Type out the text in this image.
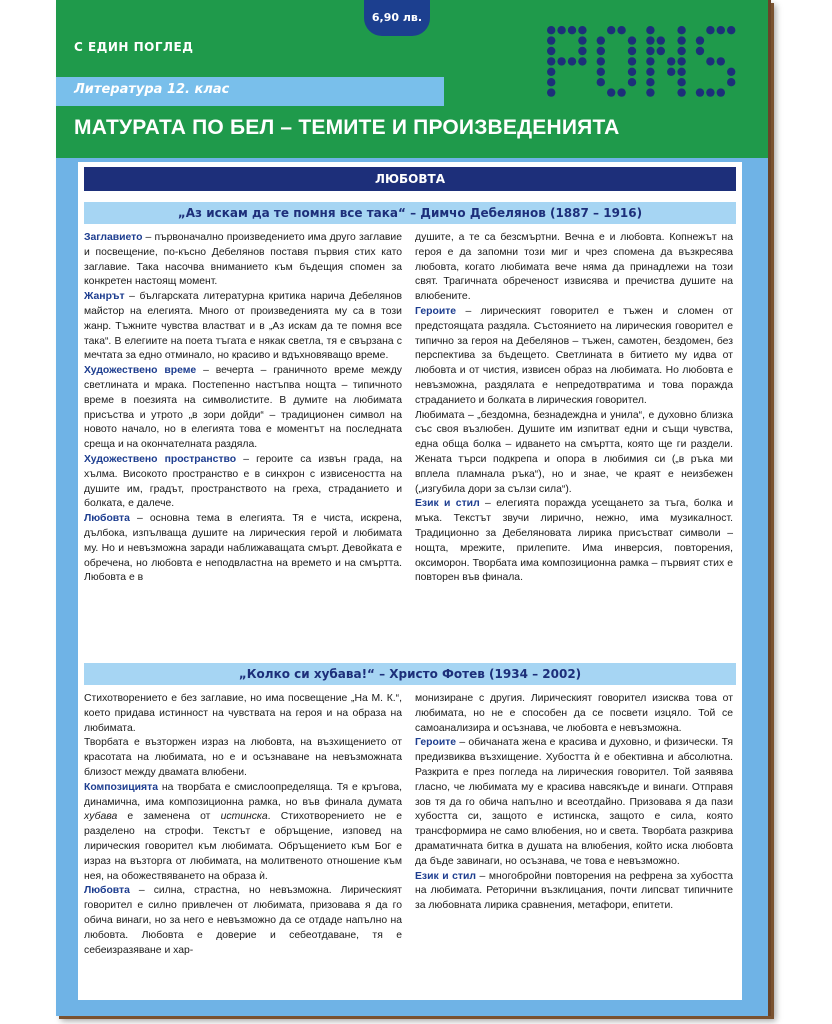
6,90 лв.
С ЕДИН ПОГЛЕД
Литература 12. клас
МАТУРАТА ПО БЕЛ – ТЕМИТЕ И ПРОИЗВЕДЕНИЯТА
ЛЮБОВТА
„Аз искам да те помня все така“ – Димчо Дебелянов (1887 – 1916)

Заглавието – първоначално произведението има друго заглавие и посвещение, по-късно Дебелянов поставя първия стих като заглавие. Така насочва вниманието към бъдещия спомен за конкретен настоящ момент.

Жанрът – българската литературна критика нарича Дебелянов майстор на елегията. Много от произведенията му са в този жанр. Тъжните чувства властват и в „Аз искам да те помня все така“. В елегиите на поета тъгата е някак светла, тя е свързана с мечтата за едно отминало, но красиво и вдъхновяващо време.

Художествено време – вечерта – граничното време между светлината и мрака. Постепенно настъпва нощта – типичното време в поезията на символистите. В думите на любимата присъства и утрото „в зори дойди“ – традиционен символ на новото начало, но в елегията това е моментът на последната среща и на окончателната раздяла.

Художествено пространство – героите са извън града, на хълма. Високото пространство е в синхрон с извисеността на душите им, градът, пространството на греха, страданието и болката, е далече.

Любовта – основна тема в елегията. Тя е чиста, искрена, дълбока, изпълваща душите на лирическия герой и любимата му. Но и невъзможна заради наближаващата смърт. Девойката е обречена, но любовта е неподвластна на времето и на смъртта. Любовта е в

душите, а те са безсмъртни. Вечна е и любовта. Копнежът на героя е да запомни този миг и чрез спомена да възкресява любовта, когато любимата вече няма да принадлежи на този свят. Трагичната обреченост извисява и пречиства душите на влюбените.

Героите – лирическият говорител е тъжен и сломен от предстоящата раздяла. Състоянието на лирическия говорител е типично за героя на Дебелянов – тъжен, самотен, бездомен, без перспектива за бъдещето. Светлината в битието му идва от любовта и от чистия, извисен образ на любимата. Но любовта е невъзможна, раздялата е непредотвратима и това поражда страданието и болката в лирическия говорител.

Любимата – „бездомна, безнадеждна и унила“, е духовно близка със своя възлюбен. Душите им изпитват едни и същи чувства, една обща болка – идването на смъртта, която ще ги раздели. Жената търси подкрепа и опора в любимия си („в ръка ми вплела пламнала ръка“), но и знае, че краят е неизбежен („изгубила дори за сълзи сила“).

Език и стил – елегията поражда усещането за тъга, болка и мъка. Текстът звучи лирично, нежно, има музикалност. Традиционно за Дебеляновата лирика присъстват символи – нощта, мрежите, прилепите. Има инверсия, повторения, оксиморон. Творбата има композиционна рамка – първият стих е повторен във финала.

„Колко си хубава!“ – Христо Фотев (1934 – 2002)

Стихотворението е без заглавие, но има посвещение „На М. К.“, което придава истинност на чувствата на героя и на образа на любимата.

Творбата е възторжен израз на любовта, на възхищението от красотата на любимата, но е и осъзнаване на невъзможната близост между двамата влюбени.

Композицията на творбата е смислоопределяща. Тя е кръгова, динамична, има композиционна рамка, но във финала думата хубава е заменена от истинска. Стихотворението не е разделено на строфи. Текстът е обръщение, изповед на лирическия говорител към любимата. Обръщението към Бог е израз на възторга от любимата, на молитвеното отношение към нея, на обожествяването на образа ѝ.

Любовта – силна, страстна, но невъзможна. Лирическият говорител е силно привлечен от любимата, призовава я да го обича винаги, но за него е невъзможно да се отдаде напълно на любовта. Любовта е доверие и себеотдаване, тя е себеизразяване и хар-

монизиране с другия. Лирическият говорител изисква това от любимата, но не е способен да се посвети изцяло. Той се самоанализира и осъзнава, че любовта е невъзможна.

Героите – обичаната жена е красива и духовно, и физически. Тя предизвиква възхищение. Хубостта ѝ е обективна и абсолютна. Разкрита е през погледа на лирическия говорител. Той заявява гласно, че любимата му е красива навсякъде и винаги. Отправя зов тя да го обича напълно и всеотдайно. Призовава я да пази хубостта си, защото е истинска, защото е сила, която трансформира не само влюбения, но и света. Творбата разкрива драматичната битка в душата на влюбения, който иска любовта да бъде завинаги, но осъзнава, че това е невъзможно.

Език и стил – многобройни повторения на рефрена за хубостта на любимата. Реторични възклицания, почти липсват типичните за любовната лирика сравнения, метафори, епитети.
